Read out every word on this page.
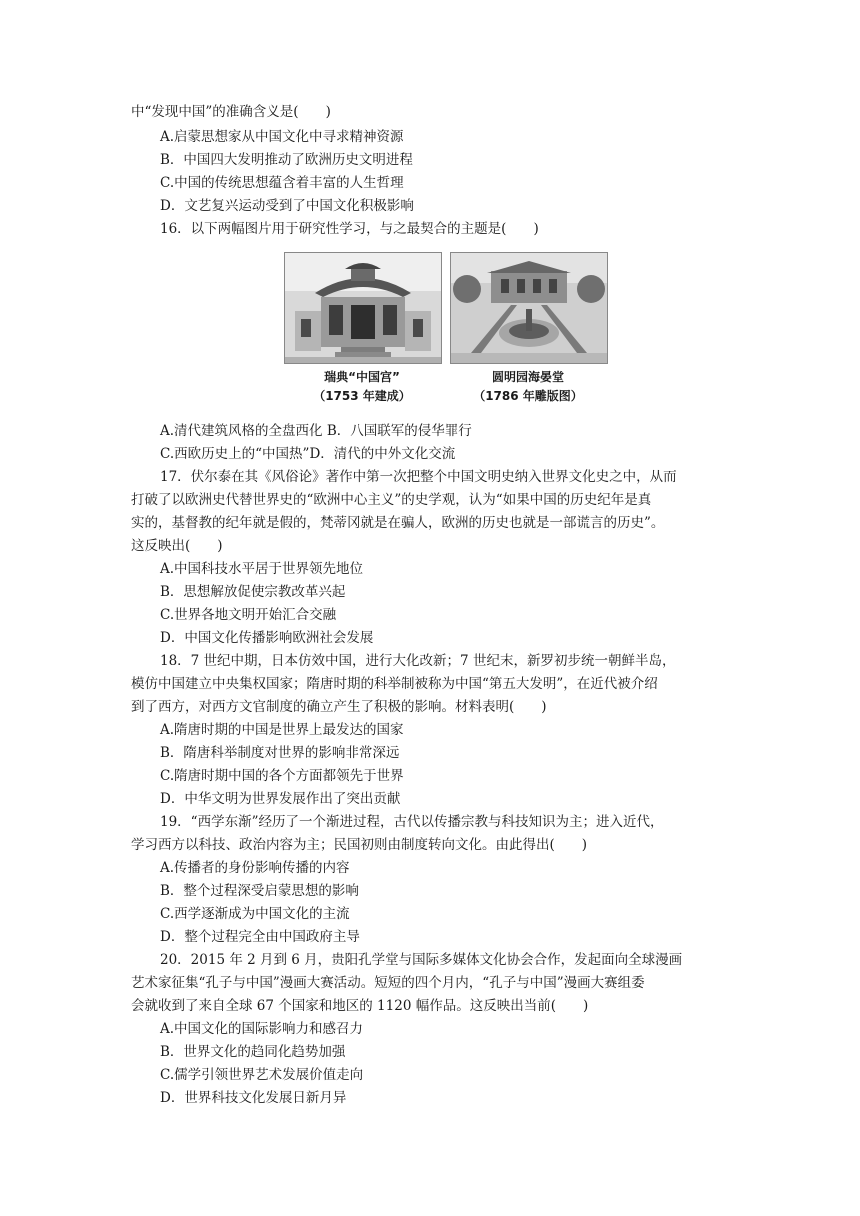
中“发现中国”的准确含义是(　　)
A.启蒙思想家从中国文化中寻求精神资源
B．中国四大发明推动了欧洲历史文明进程
C.中国的传统思想蕴含着丰富的人生哲理
D．文艺复兴运动受到了中国文化积极影响
16．以下两幅图片用于研究性学习，与之最契合的主题是(　　)
瑞典“中国宫”
（1753 年建成）
圆明园海晏堂
（1786 年雕版图）
A.清代建筑风格的全盘西化 B．八国联军的侵华罪行
C.西欧历史上的“中国热”D．清代的中外文化交流
17．伏尔泰在其《风俗论》著作中第一次把整个中国文明史纳入世界文化史之中，从而
打破了以欧洲史代替世界史的“欧洲中心主义”的史学观，认为“如果中国的历史纪年是真
实的，基督教的纪年就是假的，梵蒂冈就是在骗人，欧洲的历史也就是一部谎言的历史”。
这反映出(　　)
A.中国科技水平居于世界领先地位
B．思想解放促使宗教改革兴起
C.世界各地文明开始汇合交融
D．中国文化传播影响欧洲社会发展
18．7 世纪中期，日本仿效中国，进行大化改新；7 世纪末，新罗初步统一朝鲜半岛，
模仿中国建立中央集权国家；隋唐时期的科举制被称为中国“第五大发明”，在近代被介绍
到了西方，对西方文官制度的确立产生了积极的影响。材料表明(　　)
A.隋唐时期的中国是世界上最发达的国家
B．隋唐科举制度对世界的影响非常深远
C.隋唐时期中国的各个方面都领先于世界
D．中华文明为世界发展作出了突出贡献
19．“西学东渐”经历了一个渐进过程，古代以传播宗教与科技知识为主；进入近代，
学习西方以科技、政治内容为主；民国初则由制度转向文化。由此得出(　　)
A.传播者的身份影响传播的内容
B．整个过程深受启蒙思想的影响
C.西学逐渐成为中国文化的主流
D．整个过程完全由中国政府主导
20．2015 年 2 月到 6 月，贵阳孔学堂与国际多媒体文化协会合作，发起面向全球漫画
艺术家征集“孔子与中国”漫画大赛活动。短短的四个月内，“孔子与中国”漫画大赛组委
会就收到了来自全球 67 个国家和地区的 1120 幅作品。这反映出当前(　　)
A.中国文化的国际影响力和感召力
B．世界文化的趋同化趋势加强
C.儒学引领世界艺术发展价值走向
D．世界科技文化发展日新月异
